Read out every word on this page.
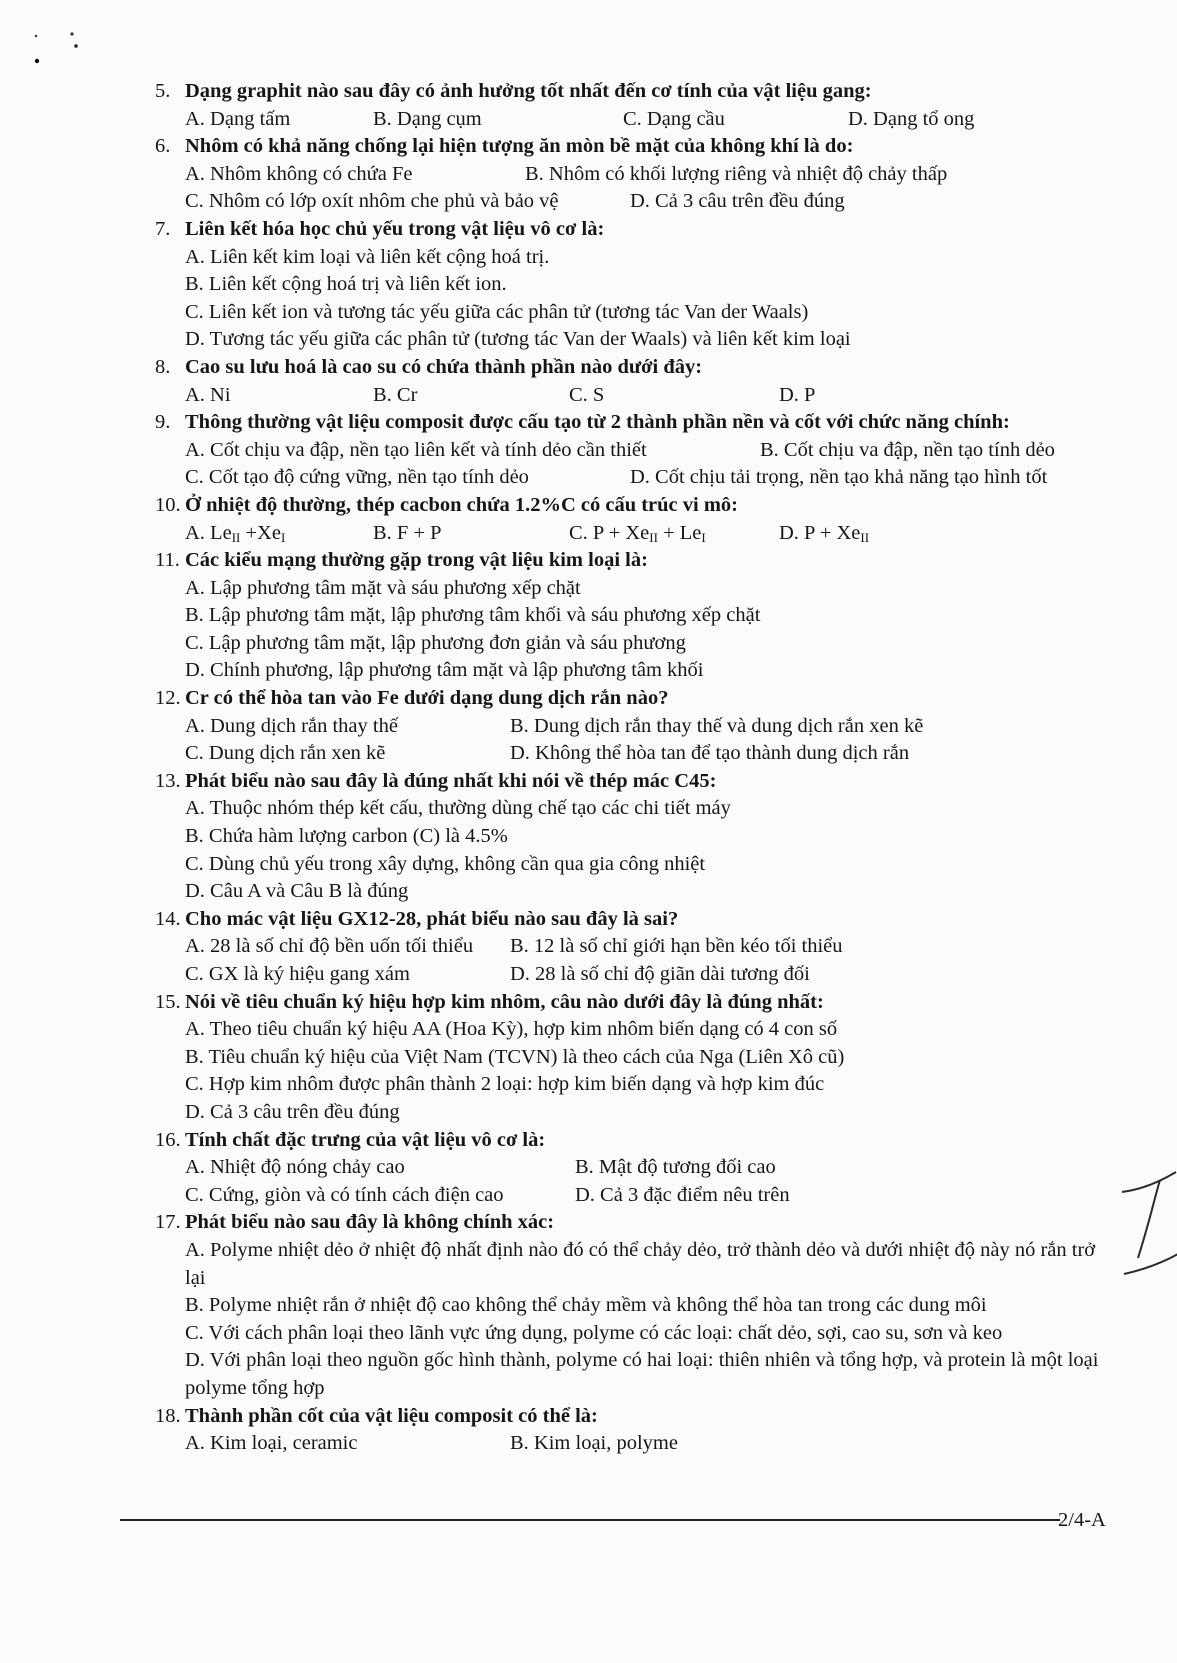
5. Dạng graphit nào sau đây có ảnh hưởng tốt nhất đến cơ tính của vật liệu gang:
A. Dạng tấm	B. Dạng cụm	C. Dạng cầu	D. Dạng tổ ong
6. Nhôm có khả năng chống lại hiện tượng ăn mòn bề mặt của không khí là do:
A. Nhôm không có chứa Fe	B. Nhôm có khối lượng riêng và nhiệt độ chảy thấp
C. Nhôm có lớp oxít nhôm che phủ và bảo vệ	D. Cả 3 câu trên đều đúng
7. Liên kết hóa học chủ yếu trong vật liệu vô cơ là:
A. Liên kết kim loại và liên kết cộng hoá trị.
B. Liên kết cộng hoá trị và liên kết ion.
C. Liên kết ion và tương tác yếu giữa các phân tử (tương tác Van der Waals)
D. Tương tác yếu giữa các phân tử (tương tác Van der Waals) và liên kết kim loại
8. Cao su lưu hoá là cao su có chứa thành phần nào dưới đây:
A. Ni	B. Cr	C. S	D. P
9. Thông thường vật liệu composit được cấu tạo từ 2 thành phần nền và cốt với chức năng chính:
A. Cốt chịu va đập, nền tạo liên kết và tính dẻo cần thiết	B. Cốt chịu va đập, nền tạo tính dẻo
C. Cốt tạo độ cứng vững, nền tạo tính dẻo	D. Cốt chịu tải trọng, nền tạo khả năng tạo hình tốt
10. Ở nhiệt độ thường, thép cacbon chứa 1.2%C có cấu trúc vi mô:
A. $Le_{II} +Xe_I$	B. F + P	C. $P + Xe_{II} + Le_I$	D. $P + Xe_{II}$
11. Các kiểu mạng thường gặp trong vật liệu kim loại là:
A. Lập phương tâm mặt và sáu phương xếp chặt
B. Lập phương tâm mặt, lập phương tâm khối và sáu phương xếp chặt
C. Lập phương tâm mặt, lập phương đơn giản và sáu phương
D. Chính phương, lập phương tâm mặt và lập phương tâm khối
12. Cr có thể hòa tan vào Fe dưới dạng dung dịch rắn nào?
A. Dung dịch rắn thay thế	B. Dung dịch rắn thay thế và dung dịch rắn xen kẽ
C. Dung dịch rắn xen kẽ	D. Không thể hòa tan để tạo thành dung dịch rắn
13. Phát biểu nào sau đây là đúng nhất khi nói về thép mác C45:
A. Thuộc nhóm thép kết cấu, thường dùng chế tạo các chi tiết máy
B. Chứa hàm lượng carbon (C) là 4.5%
C. Dùng chủ yếu trong xây dựng, không cần qua gia công nhiệt
D. Câu A và Câu B là đúng
14. Cho mác vật liệu GX12-28, phát biểu nào sau đây là sai?
A. 28 là số chỉ độ bền uốn tối thiểu	B. 12 là số chỉ giới hạn bền kéo tối thiểu
C. GX là ký hiệu gang xám	D. 28 là số chỉ độ giãn dài tương đối
15. Nói về tiêu chuẩn ký hiệu hợp kim nhôm, câu nào dưới đây là đúng nhất:
A. Theo tiêu chuẩn ký hiệu AA (Hoa Kỳ), hợp kim nhôm biến dạng có 4 con số
B. Tiêu chuẩn ký hiệu của Việt Nam (TCVN) là theo cách của Nga (Liên Xô cũ)
C. Hợp kim nhôm được phân thành 2 loại: hợp kim biến dạng và hợp kim đúc
D. Cả 3 câu trên đều đúng
16. Tính chất đặc trưng của vật liệu vô cơ là:
A. Nhiệt độ nóng chảy cao	B. Mật độ tương đối cao
C. Cứng, giòn và có tính cách điện cao	D. Cả 3 đặc điểm nêu trên
17. Phát biểu nào sau đây là không chính xác:
A. Polyme nhiệt dẻo ở nhiệt độ nhất định nào đó có thể chảy dẻo, trở thành dẻo và dưới nhiệt độ này nó rắn trở lại
B. Polyme nhiệt rắn ở nhiệt độ cao không thể chảy mềm và không thể hòa tan trong các dung môi
C. Với cách phân loại theo lãnh vực ứng dụng, polyme có các loại: chất dẻo, sợi, cao su, sơn và keo
D. Với phân loại theo nguồn gốc hình thành, polyme có hai loại: thiên nhiên và tổng hợp, và protein là một loại polyme tổng hợp
18. Thành phần cốt của vật liệu composit có thể là:
A. Kim loại, ceramic	B. Kim loại, polyme
2/4-A
